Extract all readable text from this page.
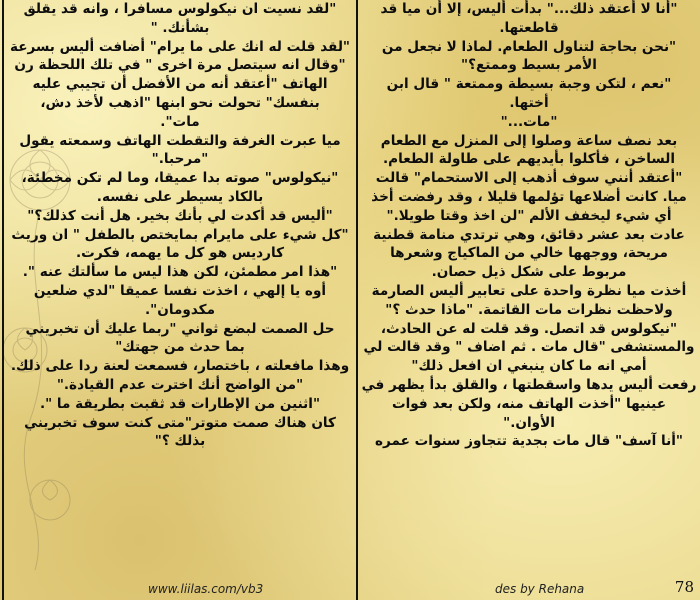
"أنا لا أعتقد ذلك..." بدأت أليس، إلا أن ميا قد

قاطعتها.

"نحن بحاجة لتناول الطعام. لماذا لا نجعل من

الأمر بسيط وممتع؟"

"نعم ، لتكن وجبة بسيطة وممتعة " قال ابن

أختها.

"مات..."

بعد نصف ساعة وصلوا إلى المنزل مع الطعام

الساخن ، فأكلوا بأيديهم على طاولة الطعام.

"أعتقد أنني سوف أذهب إلى الاستحمام" قالت

ميا. كانت أضلاعها تؤلمها قليلا ، وقد رفضت أخذ

أي شيء ليخفف الألم "لن اخذ وقتا طويلا."

عادت بعد عشر دقائق، وهي ترتدي منامة قطنية

مريحة، ووجهها خالي من الماكياج وشعرها

مربوط على شكل ذيل حصان.

أخذت ميا نظرة واحدة على تعابير أليس الصارمة

ولاحظت نظرات مات القاتمة. "ماذا حدث ؟"

"نيكولوس قد اتصل. وقد قلت له عن الحادث،

والمستشفى "قال مات . ثم اضاف " وقد قالت لي

أمي انه ما كان ينبغي ان افعل ذلك"

رفعت أليس يدها واسقطتها ، والقلق بدأ يظهر في

عينيها "أخذت الهاتف منه، ولكن بعد فوات

الأوان."

"أنا آسف" قال مات بجدية تتجاوز سنوات عمره

"لقد نسيت ان نيكولوس مسافرا ، وانه قد يقلق

بشأنك. "

"لقد قلت له انك على ما يرام" أضافت أليس بسرعة

"وقال انه سيتصل مرة اخرى " في تلك اللحظة رن

الهاتف "أعتقد أنه من الأفضل أن تجيبي عليه

بنفسك" تحولت نحو ابنها "اذهب لأخذ دش،

مات".

ميا عبرت الغرفة والتقطت الهاتف وسمعته يقول

"مرحبا."

"نيكولوس" صوته بدا عميقا، وما لم تكن مخطئة،

بالكاد يسيطر على نفسه.

"أليس قد أكدت لي بأنك بخير. هل أنت كذلك؟"

"كل شيء على مايرام بمايختص بالطفل " ان وريث

كارديس هو كل ما يهمه، فكرت.

"هذا امر مطمئن، لكن هذا ليس ما سألتك عنه ".

أوه يا إلهي ، اخذت نفسا عميقا "لدي ضلعين

مكدومان".

حل الصمت لبضع ثواني "ربما عليك أن تخبريني

بما حدث من جهتك"

وهذا مافعلته ، باختصار، فسمعت لعنة ردا على ذلك.

"من الواضح أنك اخترت عدم القيادة."

"اثنين من الإطارات قد ثقبت بطريقة ما ".

كان هناك صمت متوتر"متى كنت سوف تخبريني

بذلك ؟"

www.liilas.com/vb3	des by Rehana	78
